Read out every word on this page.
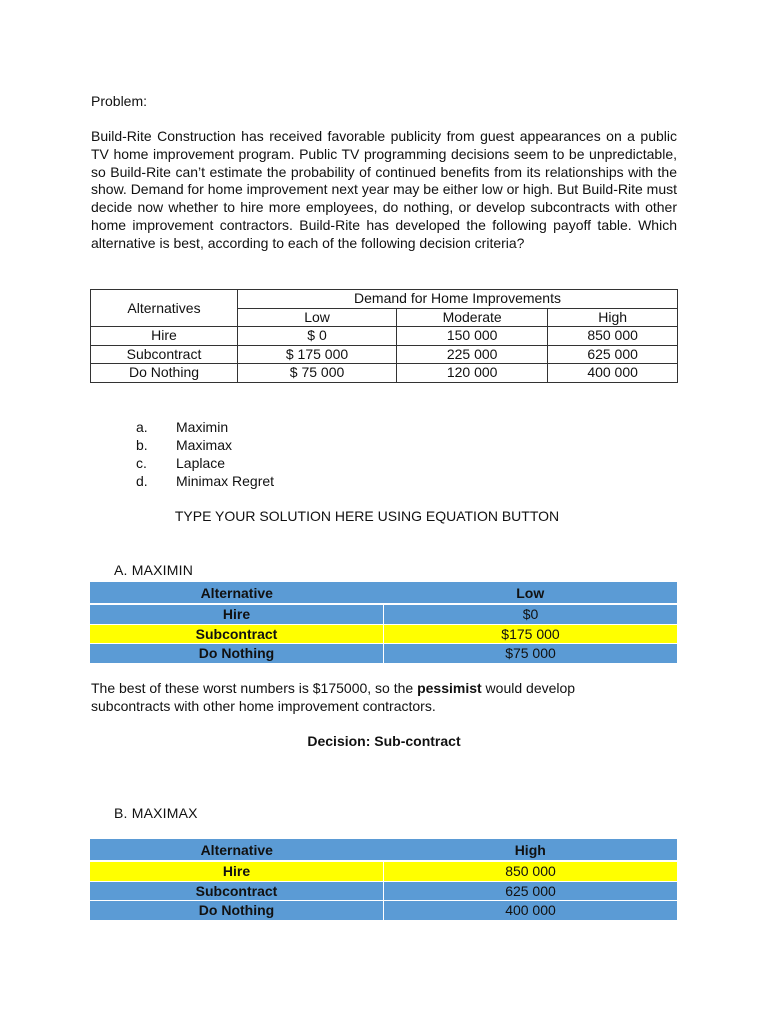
Problem:
Build-Rite Construction has received favorable publicity from guest appearances on a public TV home improvement program. Public TV programming decisions seem to be unpredictable, so Build-Rite can’t estimate the probability of continued benefits from its relationships with the show. Demand for home improvement next year may be either low or high. But Build-Rite must decide now whether to hire more employees, do nothing, or develop subcontracts with other home improvement contractors. Build-Rite has developed the following payoff table. Which alternative is best, according to each of the following decision criteria?
Alternatives	Demand for Home Improvements		
	Low	Moderate	High
Hire	$ 0	150 000	850 000
Subcontract	$ 175 000	225 000	625 000
Do Nothing	$ 75 000	120 000	400 000
a.	Maximin
b.	Maximax
c.	Laplace
d.	Minimax Regret
TYPE YOUR SOLUTION HERE USING EQUATION BUTTON
A. MAXIMIN
Alternative	Low
Hire	$0
Subcontract	$175 000
Do Nothing	$75 000
The best of these worst numbers is $175000, so the pessimist would develop subcontracts with other home improvement contractors.
Decision: Sub-contract
B. MAXIMAX
Alternative	High
Hire	850 000
Subcontract	625 000
Do Nothing	400 000
